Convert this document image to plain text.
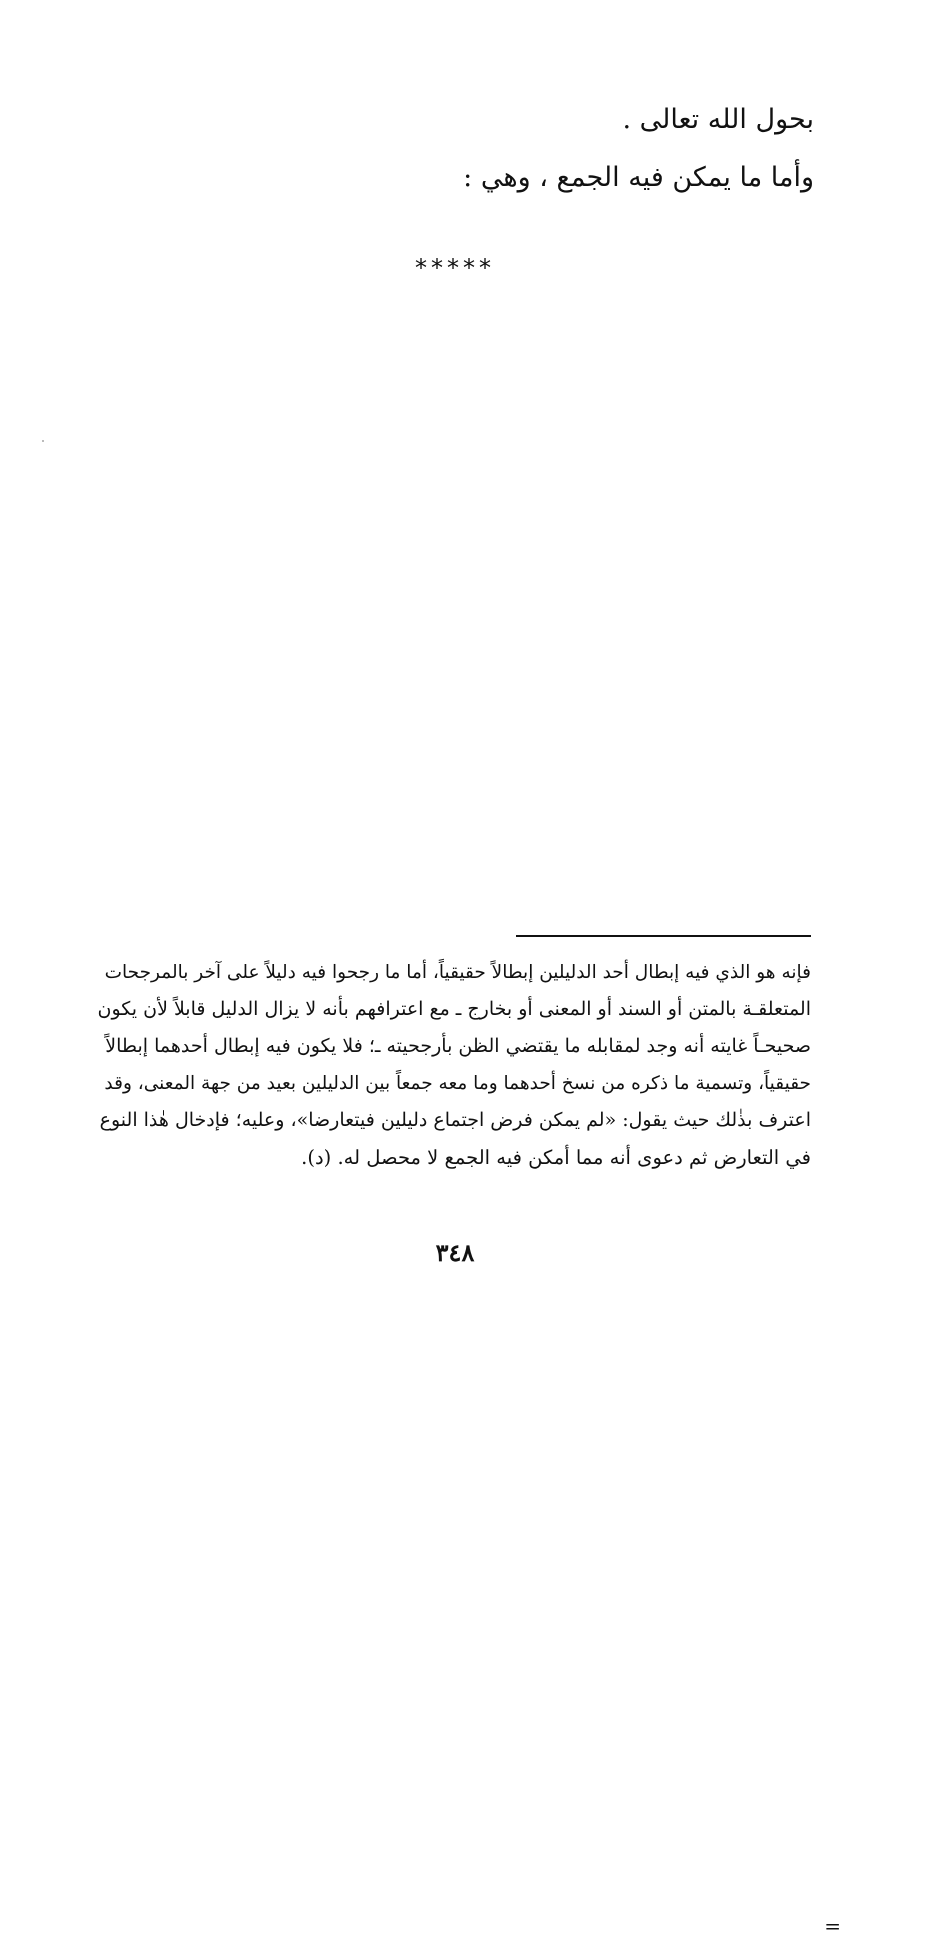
بحول الله تعالى .
وأما ما يمكن فيه الجمع ، وهي :
*****
=
فإنه هو الذي فيه إبطال أحد الدليلين إبطالاً حقيقياً، أما ما رجحوا فيه دليلاً على آخر بالمرجحات
المتعلقـة بالمتن أو السند أو المعنى أو بخارج ـ مع اعترافهم بأنه لا يزال الدليل قابلاً لأن يكون
صحيحـاً غايته أنه وجد لمقابله ما يقتضي الظن بأرجحيته ـ؛ فلا يكون فيه إبطال أحدهما إبطالاً
حقيقياً، وتسمية ما ذكره من نسخ أحدهما وما معه جمعاً بين الدليلين بعيد من جهة المعنى، وقد
اعترف بذٰلك حيث يقول: «لم يمكن فرض اجتماع دليلين فيتعارضا»، وعليه؛ فإدخال هٰذا النوع
في التعارض ثم دعوى أنه مما أمكن فيه الجمع لا محصل له. (د).
٣٤٨
